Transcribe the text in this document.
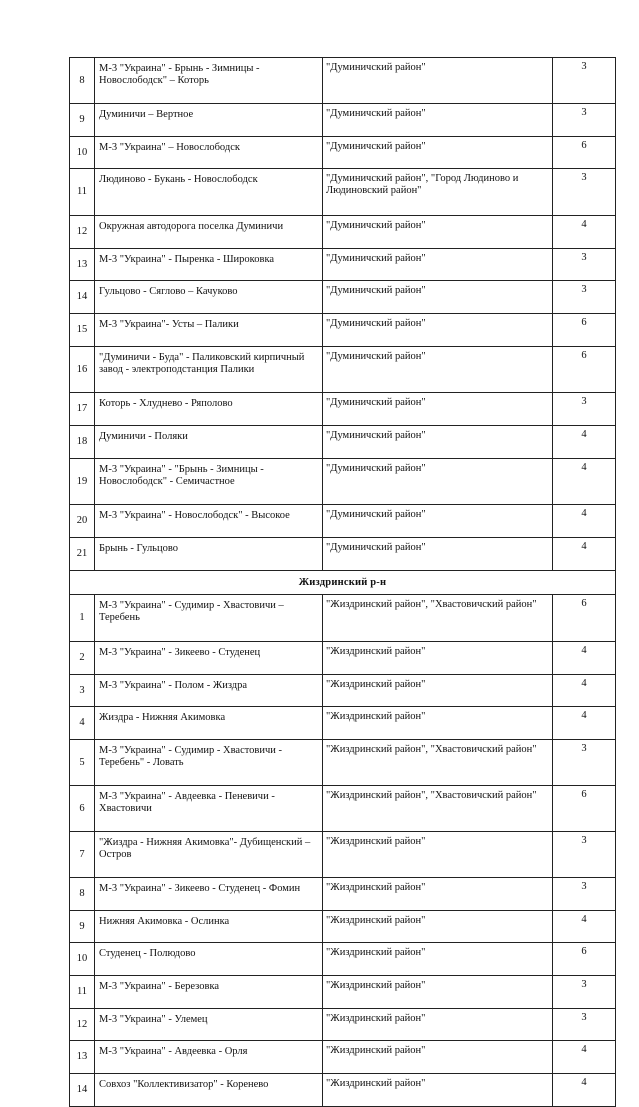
8	М-3 "Украина" - Брынь - Зимницы - Новослободск" – Которь	"Думиничский район"	3
9	Думиничи – Вертное	"Думиничский район"	3
10	М-3 "Украина" – Новослободск	"Думиничский район"	6
11	Людиново - Букань - Новослободск	"Думиничский район", "Город Людиново и Людиновский район"	3
12	Окружная автодорога поселка Думиничи	"Думиничский район"	4
13	М-3 "Украина" - Пыренка - Широковка	"Думиничский район"	3
14	Гульцово - Сяглово – Качуково	"Думиничский район"	3
15	М-3 "Украина"- Усты – Палики	"Думиничский район"	6
16	"Думиничи - Буда" - Паликовский кирпичный завод - электроподстанция Палики	"Думиничский район"	6
17	Которь - Хлуднево - Ряполово	"Думиничский район"	3
18	Думиничи - Поляки	"Думиничский район"	4
19	М-3 "Украина" - "Брынь - Зимницы - Новослободск" - Семичастное	"Думиничский район"	4
20	М-3 "Украина" - Новослободск" - Высокое	"Думиничский район"	4
21	Брынь - Гульцово	"Думиничский район"	4
Жиздринский р-н			
1	М-3 "Украина" - Судимир - Хвастовичи – Теребень	"Жиздринский район", "Хвастовичский район"	6
2	М-3 "Украина" - Зикеево - Студенец	"Жиздринский район"	4
3	М-3 "Украина" - Полом - Жиздра	"Жиздринский район"	4
4	Жиздра - Нижняя Акимовка	"Жиздринский район"	4
5	М-3 "Украина" - Судимир - Хвастовичи - Теребень" - Ловать	"Жиздринский район", "Хвастовичский район"	3
6	М-3 "Украина" - Авдеевка - Пеневичи - Хвастовичи	"Жиздринский район", "Хвастовичский район"	6
7	"Жиздра - Нижняя Акимовка"- Дубищенский – Остров	"Жиздринский район"	3
8	М-3 "Украина" - Зикеево - Студенец - Фомин	"Жиздринский район"	3
9	Нижняя Акимовка - Ослинка	"Жиздринский район"	4
10	Студенец - Полюдово	"Жиздринский район"	6
11	М-3 "Украина" - Березовка	"Жиздринский район"	3
12	М-3 "Украина" - Улемец	"Жиздринский район"	3
13	М-3 "Украина" - Авдеевка - Орля	"Жиздринский район"	4
14	Совхоз "Коллективизатор" - Коренево	"Жиздринский район"	4
